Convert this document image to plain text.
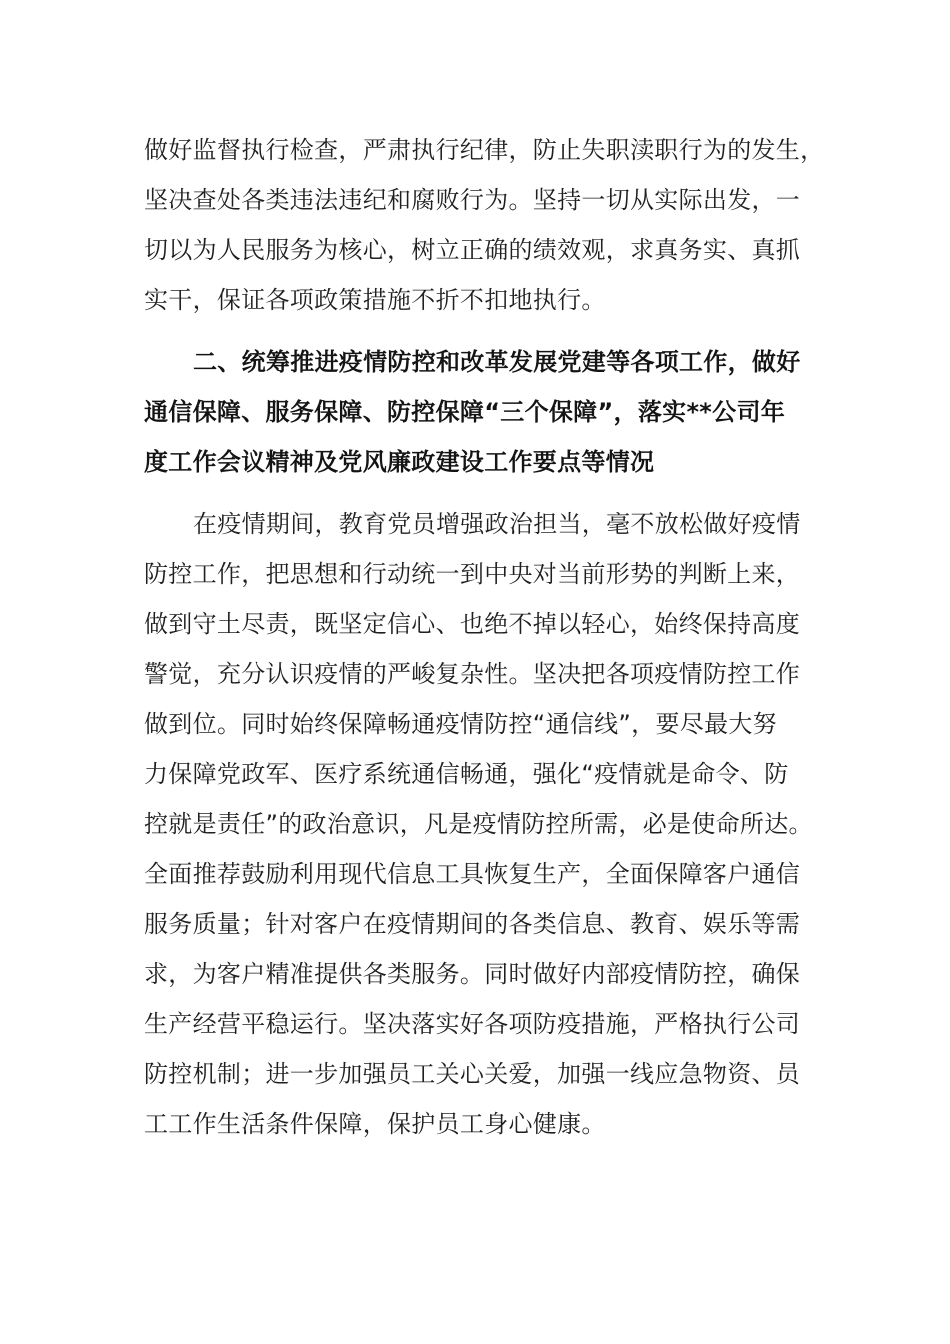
做好监督执行检查，严肃执行纪律，防止失职渎职行为的发生，
坚决查处各类违法违纪和腐败行为。坚持一切从实际出发，一
切以为人民服务为核心，树立正确的绩效观，求真务实、真抓
实干，保证各项政策措施不折不扣地执行。
二、统筹推进疫情防控和改革发展党建等各项工作，做好
通信保障、服务保障、防控保障“三个保障”，落实**公司年
度工作会议精神及党风廉政建设工作要点等情况
在疫情期间，教育党员增强政治担当，毫不放松做好疫情
防控工作，把思想和行动统一到中央对当前形势的判断上来，
做到守土尽责，既坚定信心、也绝不掉以轻心，始终保持高度
警觉，充分认识疫情的严峻复杂性。坚决把各项疫情防控工作
做到位。同时始终保障畅通疫情防控“通信线”，要尽最大努
力保障党政军、医疗系统通信畅通，强化“疫情就是命令、防
控就是责任”的政治意识，凡是疫情防控所需，必是使命所达。
全面推荐鼓励利用现代信息工具恢复生产，全面保障客户通信
服务质量；针对客户在疫情期间的各类信息、教育、娱乐等需
求，为客户精准提供各类服务。同时做好内部疫情防控，确保
生产经营平稳运行。坚决落实好各项防疫措施，严格执行公司
防控机制；进一步加强员工关心关爱，加强一线应急物资、员
工工作生活条件保障，保护员工身心健康。
